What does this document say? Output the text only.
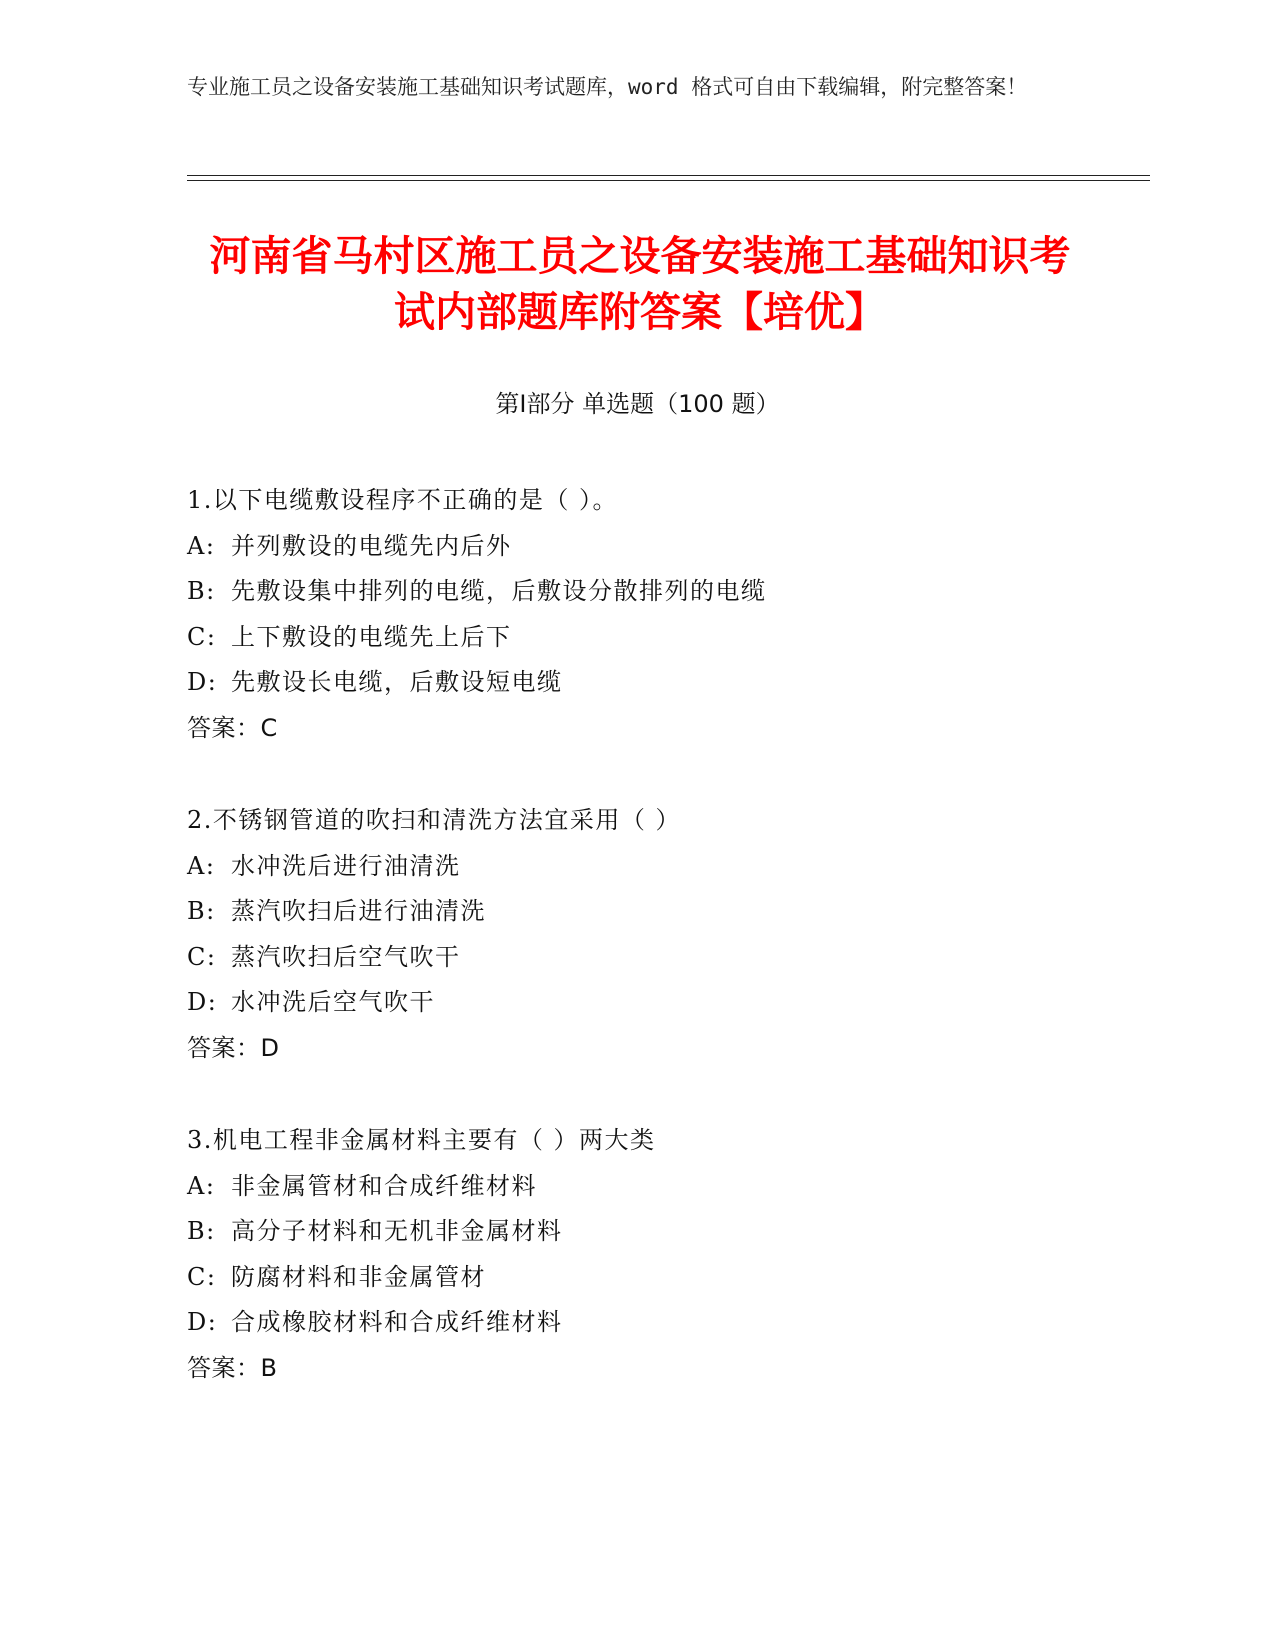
专业施工员之设备安装施工基础知识考试题库，word 格式可自由下载编辑，附完整答案！
河南省马村区施工员之设备安装施工基础知识考试内部题库附答案【培优】
第Ⅰ部分 单选题（100 题）
1.以下电缆敷设程序不正确的是（ ）。
A: 并列敷设的电缆先内后外
B: 先敷设集中排列的电缆，后敷设分散排列的电缆
C: 上下敷设的电缆先上后下
D: 先敷设长电缆，后敷设短电缆
答案：C
2.不锈钢管道的吹扫和清洗方法宜采用（ ）
A: 水冲洗后进行油清洗
B: 蒸汽吹扫后进行油清洗
C: 蒸汽吹扫后空气吹干
D: 水冲洗后空气吹干
答案：D
3.机电工程非金属材料主要有（ ）两大类
A: 非金属管材和合成纤维材料
B: 高分子材料和无机非金属材料
C: 防腐材料和非金属管材
D: 合成橡胶材料和合成纤维材料
答案：B
